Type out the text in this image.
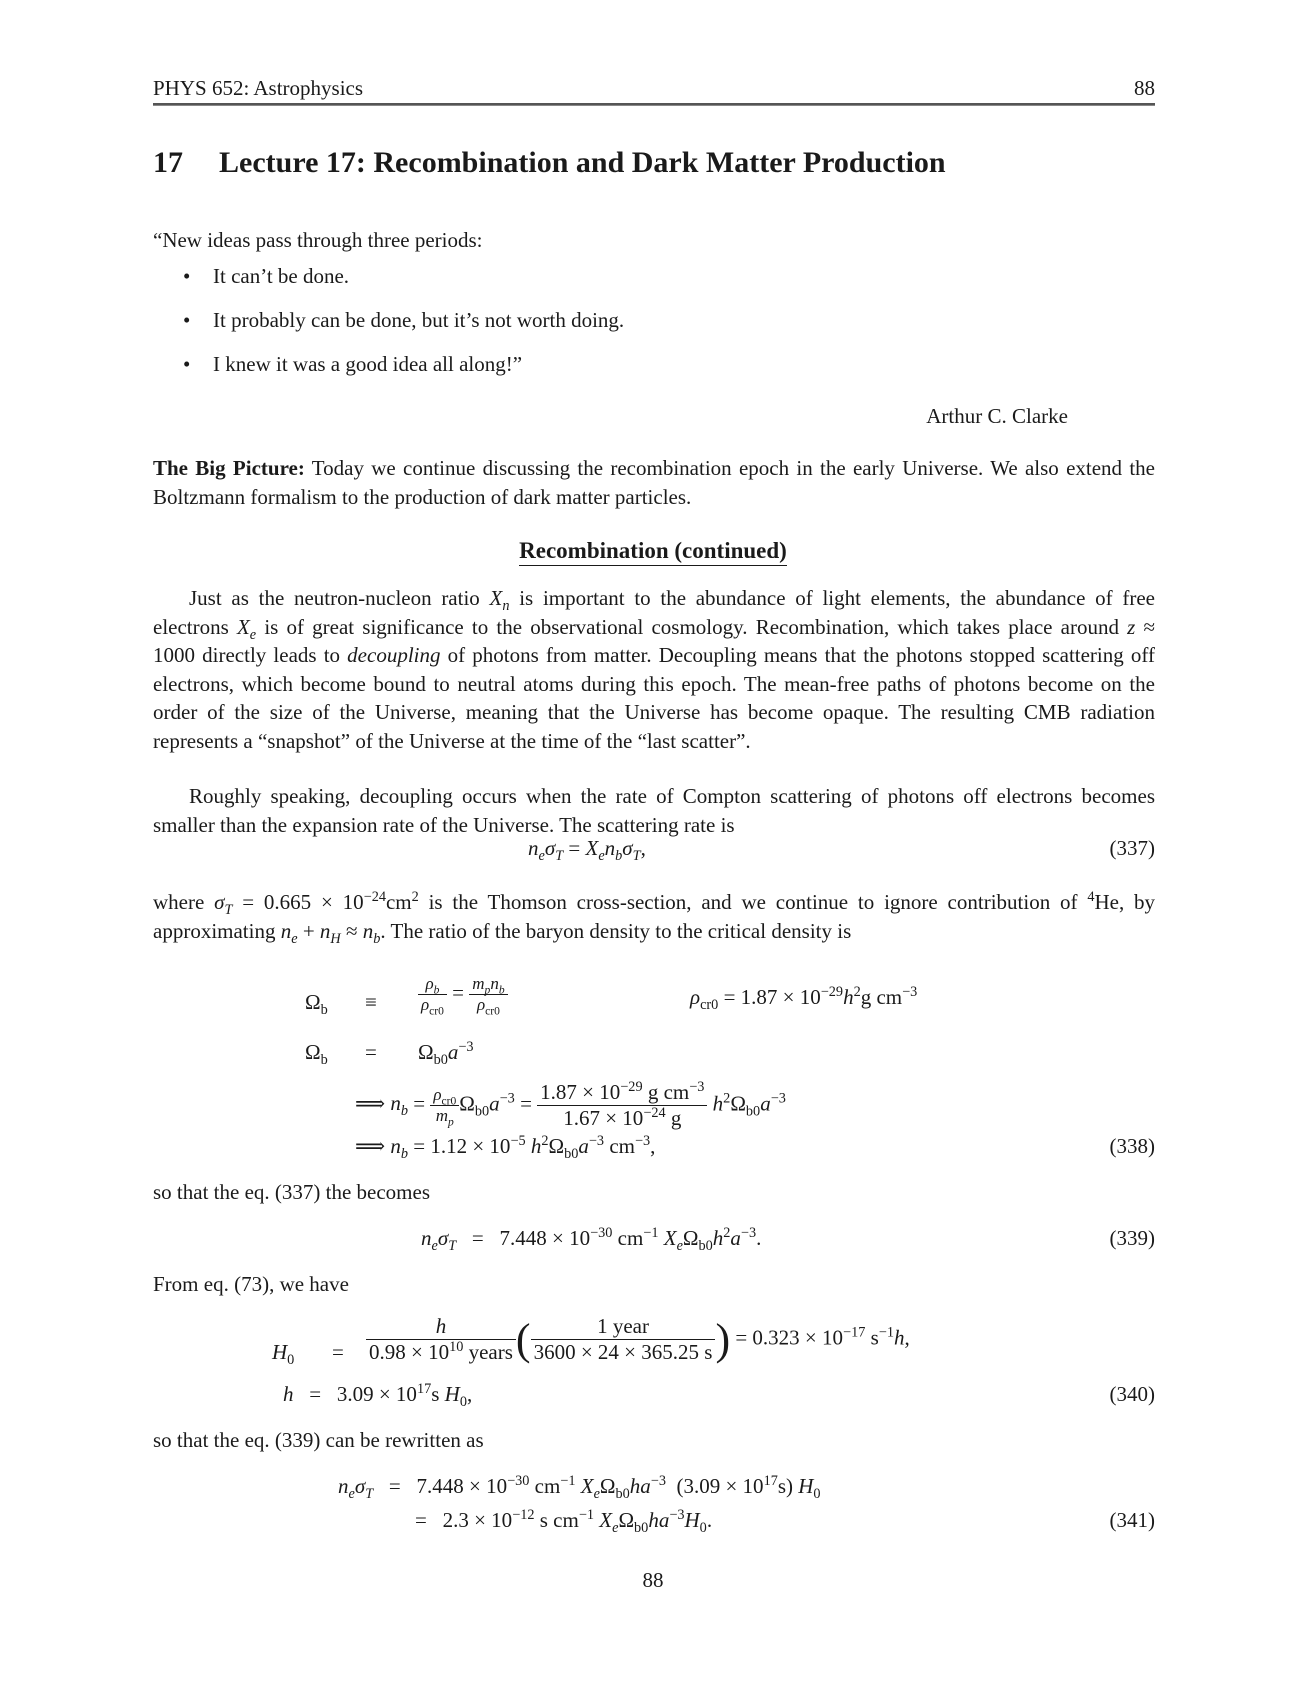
PHYS 652: Astrophysics	88
17 Lecture 17: Recombination and Dark Matter Production
“New ideas pass through three periods:
• It can’t be done.
• It probably can be done, but it’s not worth doing.
• I knew it was a good idea all along!”
Arthur C. Clarke
The Big Picture: Today we continue discussing the recombination epoch in the early Universe. We also extend the Boltzmann formalism to the production of dark matter particles.
Recombination (continued)
Just as the neutron-nucleon ratio $X_n$ is important to the abundance of light elements, the abundance of free electrons $X_e$ is of great significance to the observational cosmology. Recombination, which takes place around z ≈ 1000 directly leads to decoupling of photons from matter. Decoupling means that the photons stopped scattering off electrons, which become bound to neutral atoms during this epoch. The mean-free paths of photons become on the order of the size of the Universe, meaning that the Universe has become opaque. The resulting CMB radiation represents a “snapshot” of the Universe at the time of the “last scatter”.
Roughly speaking, decoupling occurs when the rate of Compton scattering of photons off electrons becomes smaller than the expansion rate of the Universe. The scattering rate is
$n_e\sigma_T = X_en_b\sigma_T$,	(337)
where $\sigma_T = 0.665 \times 10^{-24}cm^2$ is the Thomson cross-section, and we continue to ignore contribution of $^4$He, by approximating $n_e + n_H \approx n_b$. The ratio of the baryon density to the critical density is
$\Omega_b \equiv \frac{\rho_b}{\rho_{cr0}} = \frac{m_pn_b}{\rho_{cr0}}$	$\rho_{cr0} = 1.87 \times 10^{-29}h^2g$ $cm^{-3}$
$\Omega_b = \Omega_{b0}a^{-3}$
⟹ $n_b = \frac{\rho_{cr0}}{m_p} \Omega_{b0}a^{-3} = \frac{1.87 \times 10^{-29} g cm^{-3}}{1.67 \times 10^{-24} g} h^2\Omega_{b0}a^{-3}$
⟹ $n_b = 1.12 \times 10^{-5}$ $h^2\Omega_{b0}a^{-3}$ $cm^{-3}$,	(338)
so that the eq. (337) the becomes
$n_e\sigma_T = 7.448 \times 10^{-30}$ $cm^{-1}$ $X_e\Omega_{b0}h^2a^{-3}$.	(339)
From eq. (73), we have
$H_0 = \frac{h}{0.98 \times 10^{10} years}$ ( $\frac{\text{1 year}}{3600 \times 24 \times 365.25 s}$ ) = $0.323 \times 10^{-17}$ $s^{-1}h$,
$h = 3.09 \times 10^{17}s$ $H_0$,	(340)
so that the eq. (339) can be rewritten as
$n_e\sigma_T = 7.448 \times 10^{-30}$ $cm^{-1}$ $X_e\Omega_{b0}ha^{-3}$  $(3.09 \times 10^{17}s)$ $H_0$
=   $2.3 \times 10^{-12}$ s $cm^{-1}$ $X_e\Omega_{b0}ha^{-3}H_0$.	(341)
88
